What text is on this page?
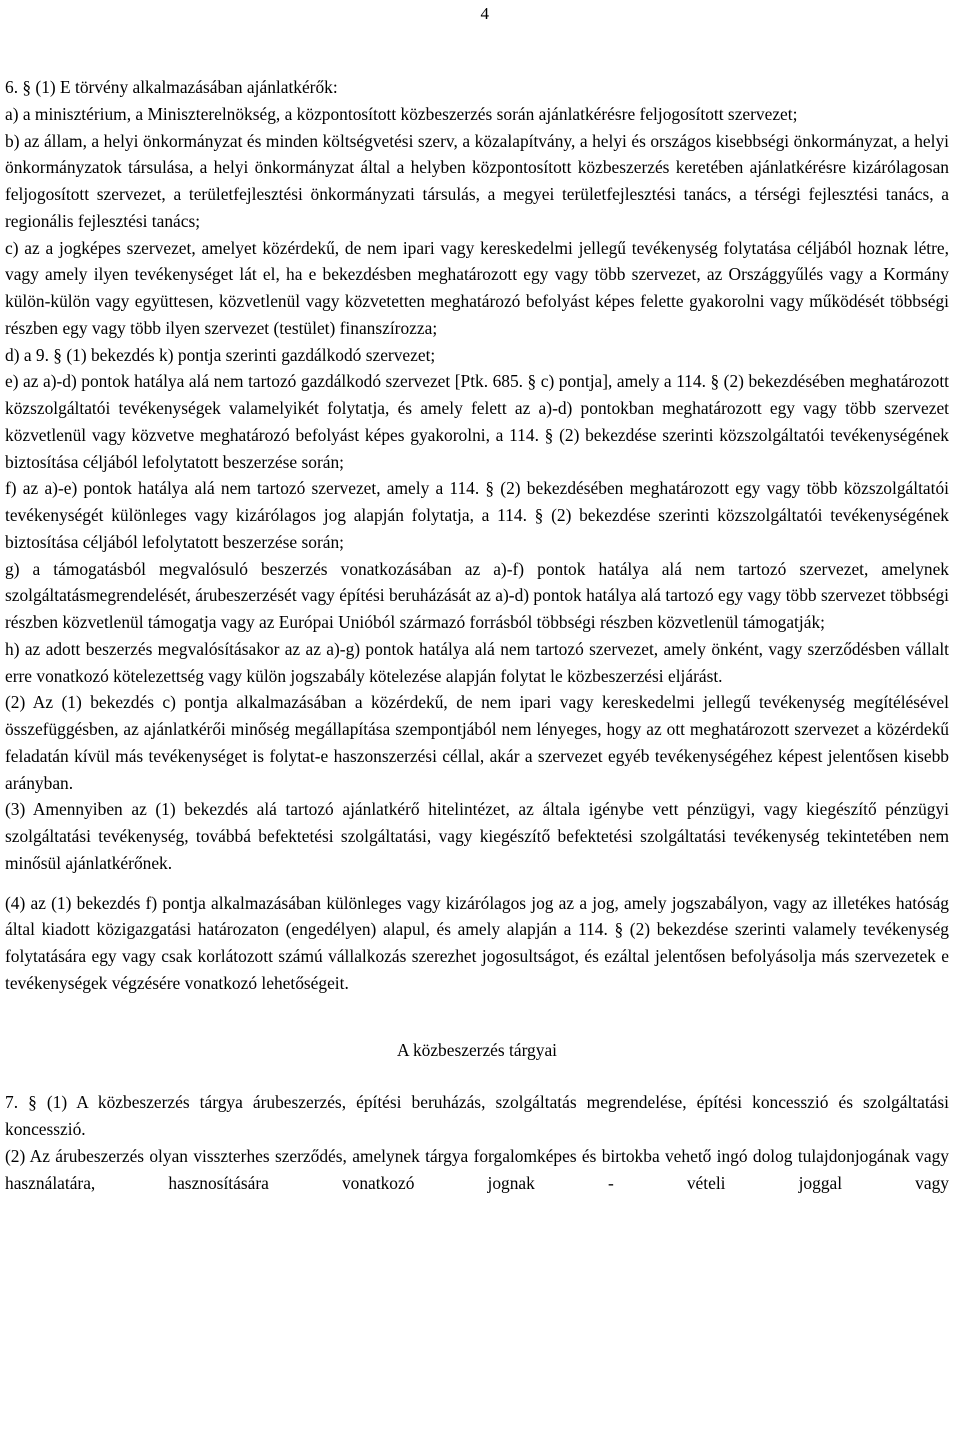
4

6. § (1) E törvény alkalmazásában ajánlatkérők:

a) a minisztérium, a Miniszterelnökség, a központosított közbeszerzés során ajánlatkérésre feljogosított szervezet;

b) az állam, a helyi önkormányzat és minden költségvetési szerv, a közalapítvány, a helyi és országos kisebbségi önkormányzat, a helyi önkormányzatok társulása, a helyi önkormányzat által a helyben központosított közbeszerzés keretében ajánlatkérésre kizárólagosan feljogosított szervezet, a területfejlesztési önkormányzati társulás, a megyei területfejlesztési tanács, a térségi fejlesztési tanács, a regionális fejlesztési tanács;

c) az a jogképes szervezet, amelyet közérdekű, de nem ipari vagy kereskedelmi jellegű tevékenység folytatása céljából hoznak létre, vagy amely ilyen tevékenységet lát el, ha e bekezdésben meghatározott egy vagy több szervezet, az Országgyűlés vagy a Kormány külön-külön vagy együttesen, közvetlenül vagy közvetetten meghatározó befolyást képes felette gyakorolni vagy működését többségi részben egy vagy több ilyen szervezet (testület) finanszírozza;

d) a 9. § (1) bekezdés k) pontja szerinti gazdálkodó szervezet;

e) az a)-d) pontok hatálya alá nem tartozó gazdálkodó szervezet [Ptk. 685. § c) pontja], amely a 114. § (2) bekezdésében meghatározott közszolgáltatói tevékenységek valamelyikét folytatja, és amely felett az a)-d) pontokban meghatározott egy vagy több szervezet közvetlenül vagy közvetve meghatározó befolyást képes gyakorolni, a 114. § (2) bekezdése szerinti közszolgáltatói tevékenységének biztosítása céljából lefolytatott beszerzése során;

f) az a)-e) pontok hatálya alá nem tartozó szervezet, amely a 114. § (2) bekezdésében meghatározott egy vagy több közszolgáltatói tevékenységét különleges vagy kizárólagos jog alapján folytatja, a 114. § (2) bekezdése szerinti közszolgáltatói tevékenységének biztosítása céljából lefolytatott beszerzése során;

g) a támogatásból megvalósuló beszerzés vonatkozásában az a)-f) pontok hatálya alá nem tartozó szervezet, amelynek szolgáltatásmegrendelését, árubeszerzését vagy építési beruházását az a)-d) pontok hatálya alá tartozó egy vagy több szervezet többségi részben közvetlenül támogatja vagy az Európai Unióból származó forrásból többségi részben közvetlenül támogatják;

h) az adott beszerzés megvalósításakor az az a)-g) pontok hatálya alá nem tartozó szervezet, amely önként, vagy szerződésben vállalt erre vonatkozó kötelezettség vagy külön jogszabály kötelezése alapján folytat le közbeszerzési eljárást.

(2) Az (1) bekezdés c) pontja alkalmazásában a közérdekű, de nem ipari vagy kereskedelmi jellegű tevékenység megítélésével összefüggésben, az ajánlatkérői minőség megállapítása szempontjából nem lényeges, hogy az ott meghatározott szervezet a közérdekű feladatán kívül más tevékenységet is folytat-e haszonszerzési céllal, akár a szervezet egyéb tevékenységéhez képest jelentősen kisebb arányban.

(3) Amennyiben az (1) bekezdés alá tartozó ajánlatkérő hitelintézet, az általa igénybe vett pénzügyi, vagy kiegészítő pénzügyi szolgáltatási tevékenység, továbbá befektetési szolgáltatási, vagy kiegészítő befektetési szolgáltatási tevékenység tekintetében nem minősül ajánlatkérőnek.

(4) az (1) bekezdés f) pontja alkalmazásában különleges vagy kizárólagos jog az a jog, amely jogszabályon, vagy az illetékes hatóság által kiadott közigazgatási határozaton (engedélyen) alapul, és amely alapján a 114. § (2) bekezdése szerinti valamely tevékenység folytatására egy vagy csak korlátozott számú vállalkozás szerezhet jogosultságot, és ezáltal jelentősen befolyásolja más szervezetek e tevékenységek végzésére vonatkozó lehetőségeit.

A közbeszerzés tárgyai

7. § (1) A közbeszerzés tárgya árubeszerzés, építési beruházás, szolgáltatás megrendelése, építési koncesszió és szolgáltatási koncesszió.

(2) Az árubeszerzés olyan visszterhes szerződés, amelynek tárgya forgalomképes és birtokba vehető ingó dolog tulajdonjogának vagy használatára, hasznosítására vonatkozó jognak - vételi joggal vagy
